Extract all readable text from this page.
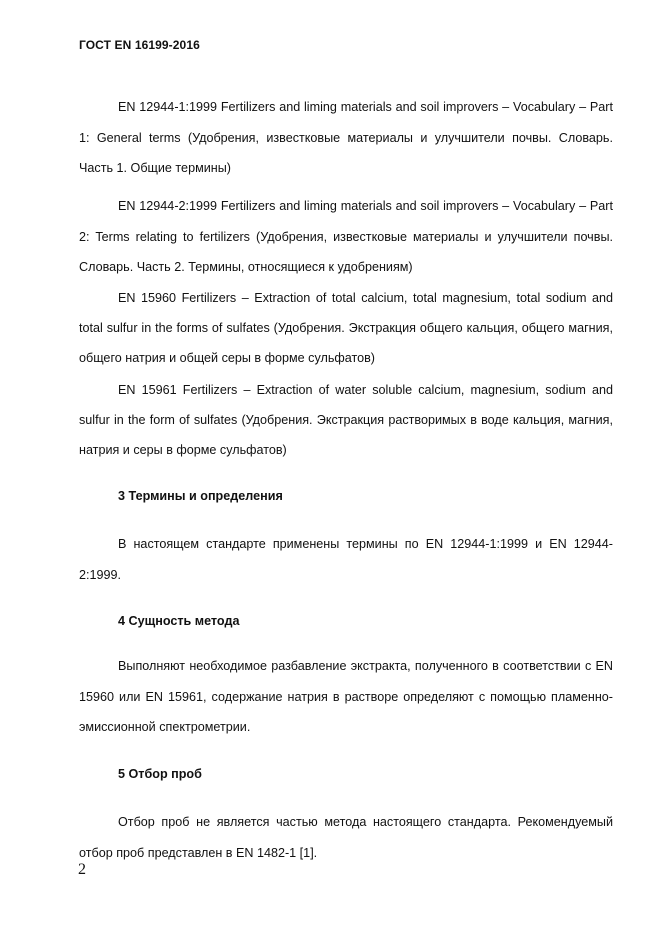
ГОСТ EN 16199-2016

EN 12944-1:1999 Fertilizers and liming materials and soil improvers – Vocabulary – Part 1: General terms (Удобрения, известковые материалы и улучшители почвы. Словарь. Часть 1. Общие термины)

EN 12944-2:1999 Fertilizers and liming materials and soil improvers – Vocabulary – Part 2: Terms relating to fertilizers (Удобрения, известковые материалы и улучшители почвы. Словарь. Часть 2. Термины, относящиеся к удобрениям)

EN 15960 Fertilizers – Extraction of total calcium, total magnesium, total sodium and total sulfur in the forms of sulfates (Удобрения. Экстракция общего кальция, общего магния, общего натрия и общей серы в форме сульфатов)

EN 15961 Fertilizers – Extraction of water soluble calcium, magnesium, sodium and sulfur in the form of sulfates (Удобрения. Экстракция растворимых в воде кальция, магния, натрия и серы в форме сульфатов)

3 Термины и определения

В настоящем стандарте применены термины по EN 12944-1:1999 и EN 12944-2:1999.

4 Сущность метода

Выполняют необходимое разбавление экстракта, полученного в соответствии с EN 15960 или EN 15961, содержание натрия в растворе определяют с помощью пламенно-эмиссионной спектрометрии.

5 Отбор проб

Отбор проб не является частью метода настоящего стандарта. Рекомендуемый отбор проб представлен в EN 1482-1 [1].

2
